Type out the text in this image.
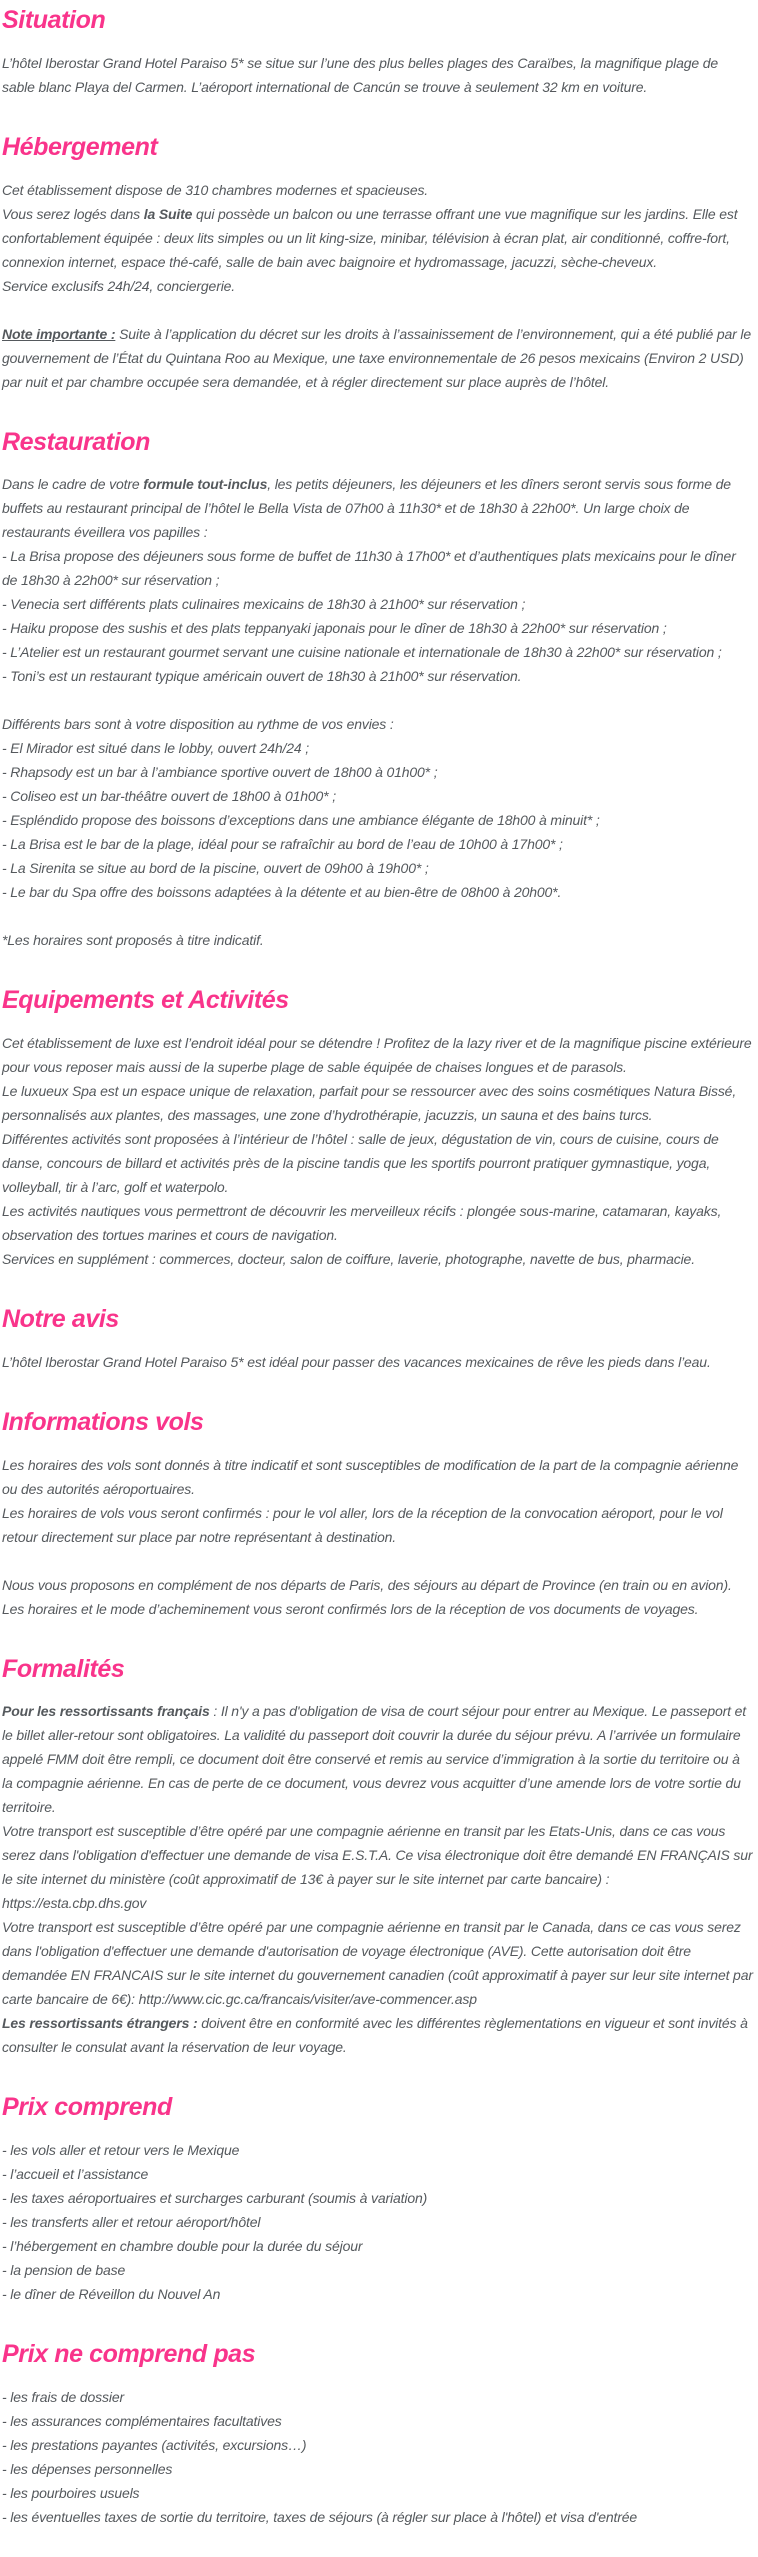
Situation

L’hôtel Iberostar Grand Hotel Paraiso 5* se situe sur l’une des plus belles plages des Caraïbes, la magnifique plage de sable blanc Playa del Carmen. L’aéroport international de Cancún se trouve à seulement 32 km en voiture.

Hébergement

Cet établissement dispose de 310 chambres modernes et spacieuses.

Vous serez logés dans la Suite qui possède un balcon ou une terrasse offrant une vue magnifique sur les jardins. Elle est confortablement équipée : deux lits simples ou un lit king-size, minibar, télévision à écran plat, air conditionné, coffre-fort, connexion internet, espace thé-café, salle de bain avec baignoire et hydromassage, jacuzzi, sèche-cheveux.

Service exclusifs 24h/24, conciergerie.

Note importante : Suite à l’application du décret sur les droits à l’assainissement de l’environnement, qui a été publié par le gouvernement de l’État du Quintana Roo au Mexique, une taxe environnementale de 26 pesos mexicains (Environ 2 USD) par nuit et par chambre occupée sera demandée, et à régler directement sur place auprès de l’hôtel.

Restauration

Dans le cadre de votre formule tout-inclus, les petits déjeuners, les déjeuners et les dîners seront servis sous forme de buffets au restaurant principal de l’hôtel le Bella Vista de 07h00 à 11h30* et de 18h30 à 22h00*. Un large choix de restaurants éveillera vos papilles :

- La Brisa propose des déjeuners sous forme de buffet de 11h30 à 17h00* et d’authentiques plats mexicains pour le dîner de 18h30 à 22h00* sur réservation ;

- Venecia sert différents plats culinaires mexicains de 18h30 à 21h00* sur réservation ;

- Haiku propose des sushis et des plats teppanyaki japonais pour le dîner de 18h30 à 22h00* sur réservation ;

- L’Atelier est un restaurant gourmet servant une cuisine nationale et internationale de 18h30 à 22h00* sur réservation ;

- Toni’s est un restaurant typique américain ouvert de 18h30 à 21h00* sur réservation.

Différents bars sont à votre disposition au rythme de vos envies :

- El Mirador est situé dans le lobby, ouvert 24h/24 ;

- Rhapsody est un bar à l’ambiance sportive ouvert de 18h00 à 01h00* ;

- Coliseo est un bar-théâtre ouvert de 18h00 à 01h00* ;

- Espléndido propose des boissons d’exceptions dans une ambiance élégante de 18h00 à minuit* ;

- La Brisa est le bar de la plage, idéal pour se rafraîchir au bord de l’eau de 10h00 à 17h00* ;

- La Sirenita se situe au bord de la piscine, ouvert de 09h00 à 19h00* ;

- Le bar du Spa offre des boissons adaptées à la détente et au bien-être de 08h00 à 20h00*.

*Les horaires sont proposés à titre indicatif.

Equipements et Activités

Cet établissement de luxe est l’endroit idéal pour se détendre ! Profitez de la lazy river et de la magnifique piscine extérieure pour vous reposer mais aussi de la superbe plage de sable équipée de chaises longues et de parasols.

Le luxueux Spa est un espace unique de relaxation, parfait pour se ressourcer avec des soins cosmétiques Natura Bissé, personnalisés aux plantes, des massages, une zone d’hydrothérapie, jacuzzis, un sauna et des bains turcs.

Différentes activités sont proposées à l’intérieur de l’hôtel : salle de jeux, dégustation de vin, cours de cuisine, cours de danse, concours de billard et activités près de la piscine tandis que les sportifs pourront pratiquer gymnastique, yoga, volleyball, tir à l’arc, golf et waterpolo.

Les activités nautiques vous permettront de découvrir les merveilleux récifs : plongée sous-marine, catamaran, kayaks, observation des tortues marines et cours de navigation.

Services en supplément : commerces, docteur, salon de coiffure, laverie, photographe, navette de bus, pharmacie.

Notre avis

L’hôtel Iberostar Grand Hotel Paraiso 5* est idéal pour passer des vacances mexicaines de rêve les pieds dans l’eau.

Informations vols

Les horaires des vols sont donnés à titre indicatif et sont susceptibles de modification de la part de la compagnie aérienne ou des autorités aéroportuaires.

Les horaires de vols vous seront confirmés : pour le vol aller, lors de la réception de la convocation aéroport, pour le vol retour directement sur place par notre représentant à destination.

Nous vous proposons en complément de nos départs de Paris, des séjours au départ de Province (en train ou en avion).

Les horaires et le mode d’acheminement vous seront confirmés lors de la réception de vos documents de voyages.

Formalités

Pour les ressortissants français : Il n'y a pas d'obligation de visa de court séjour pour entrer au Mexique. Le passeport et le billet aller-retour sont obligatoires. La validité du passeport doit couvrir la durée du séjour prévu. A l’arrivée un formulaire appelé FMM doit être rempli, ce document doit être conservé et remis au service d’immigration à la sortie du territoire ou à la compagnie aérienne. En cas de perte de ce document, vous devrez vous acquitter d’une amende lors de votre sortie du territoire.

Votre transport est susceptible d’être opéré par une compagnie aérienne en transit par les Etats-Unis, dans ce cas vous serez dans l'obligation d'effectuer une demande de visa E.S.T.A. Ce visa électronique doit être demandé EN FRANÇAIS sur le site internet du ministère (coût approximatif de 13€ à payer sur le site internet par carte bancaire) : https://esta.cbp.dhs.gov

Votre transport est susceptible d’être opéré par une compagnie aérienne en transit par le Canada, dans ce cas vous serez dans l'obligation d'effectuer une demande d'autorisation de voyage électronique (AVE). Cette autorisation doit être demandée EN FRANCAIS sur le site internet du gouvernement canadien (coût approximatif à payer sur leur site internet par carte bancaire de 6€): http://www.cic.gc.ca/francais/visiter/ave-commencer.asp

Les ressortissants étrangers : doivent être en conformité avec les différentes règlementations en vigueur et sont invités à consulter le consulat avant la réservation de leur voyage.

Prix comprend

- les vols aller et retour vers le Mexique

- l’accueil et l’assistance

- les taxes aéroportuaires et surcharges carburant (soumis à variation)

- les transferts aller et retour aéroport/hôtel

- l’hébergement en chambre double pour la durée du séjour

- la pension de base

- le dîner de Réveillon du Nouvel An

Prix ne comprend pas

- les frais de dossier

- les assurances complémentaires facultatives

- les prestations payantes (activités, excursions…)

- les dépenses personnelles

- les pourboires usuels

- les éventuelles taxes de sortie du territoire, taxes de séjours (à régler sur place à l'hôtel) et visa d'entrée
